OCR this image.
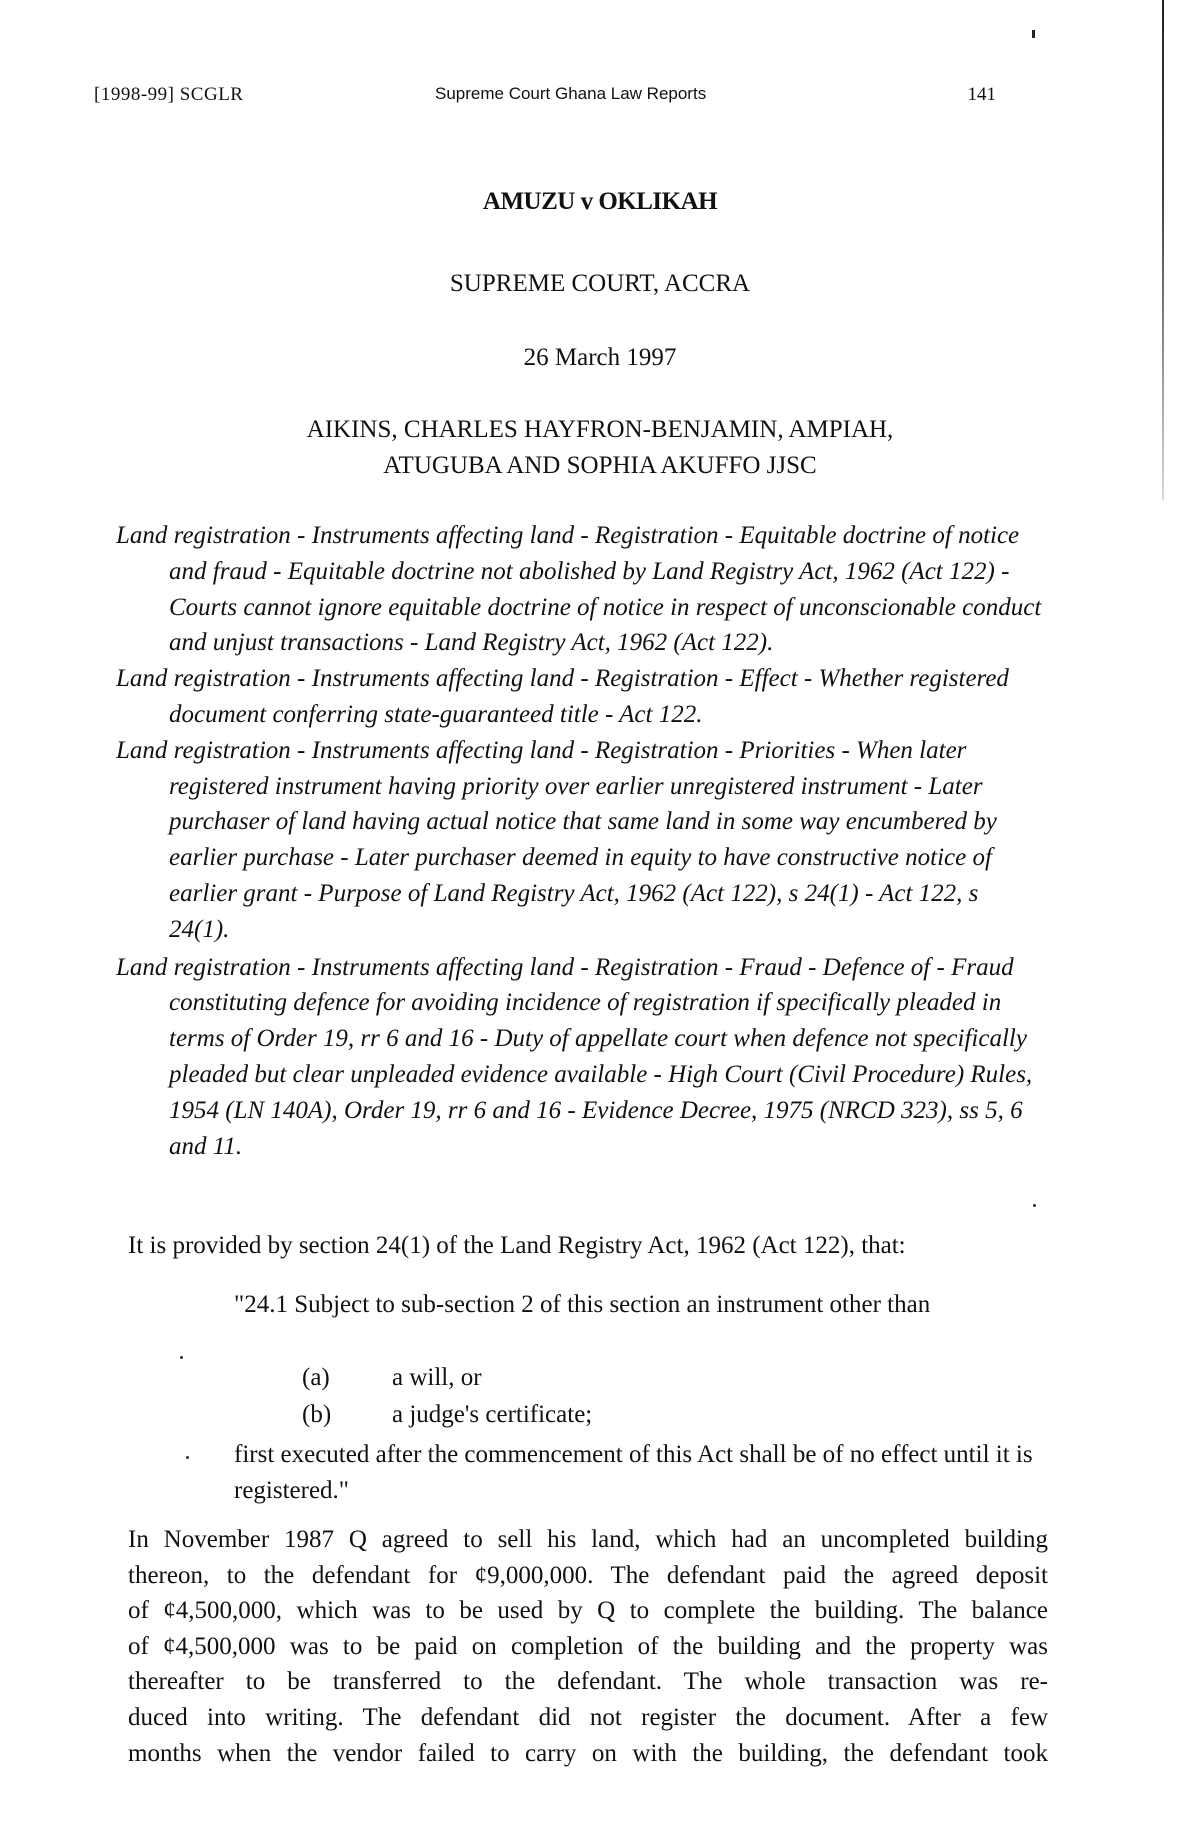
[1998-99] SCGLR	Supreme Court Ghana Law Reports	141
AMUZU v OKLIKAH
SUPREME COURT, ACCRA
26 March 1997
AIKINS, CHARLES HAYFRON-BENJAMIN, AMPIAH,
ATUGUBA AND SOPHIA AKUFFO JJSC

Land registration - Instruments affecting land - Registration - Equitable doctrine of notice and fraud - Equitable doctrine not abolished by Land Registry Act, 1962 (Act 122) - Courts cannot ignore equitable doctrine of notice in respect of unconscionable conduct and unjust transactions - Land Registry Act, 1962 (Act 122).

Land registration - Instruments affecting land - Registration - Effect - Whether registered document conferring state-guaranteed title - Act 122.

Land registration - Instruments affecting land - Registration - Priorities - When later registered instrument having priority over earlier unregistered instrument - Later purchaser of land having actual notice that same land in some way encumbered by earlier purchase - Later purchaser deemed in equity to have constructive notice of earlier grant - Purpose of Land Registry Act, 1962 (Act 122), s 24(1) - Act 122, s 24(1).

Land registration - Instruments affecting land - Registration - Fraud - Defence of - Fraud constituting defence for avoiding incidence of registration if specifically pleaded in terms of Order 19, rr 6 and 16 - Duty of appellate court when defence not specifically pleaded but clear unpleaded evidence available - High Court (Civil Procedure) Rules, 1954 (LN 140A), Order 19, rr 6 and 16 - Evidence Decree, 1975 (NRCD 323), ss 5, 6 and 11.

It is provided by section 24(1) of the Land Registry Act, 1962 (Act 122), that:
"24.1 Subject to sub-section 2 of this section an instrument other than
(a) a will, or
(b) a judge's certificate;
first executed after the commencement of this Act shall be of no effect until it is registered."
In November 1987 Q agreed to sell his land, which had an uncompleted building
thereon, to the defendant for ¢9,000,000. The defendant paid the agreed deposit
of ¢4,500,000, which was to be used by Q to complete the building. The balance
of ¢4,500,000 was to be paid on completion of the building and the property was
thereafter to be transferred to the defendant. The whole transaction was re-
duced into writing. The defendant did not register the document. After a few
months when the vendor failed to carry on with the building, the defendant took
